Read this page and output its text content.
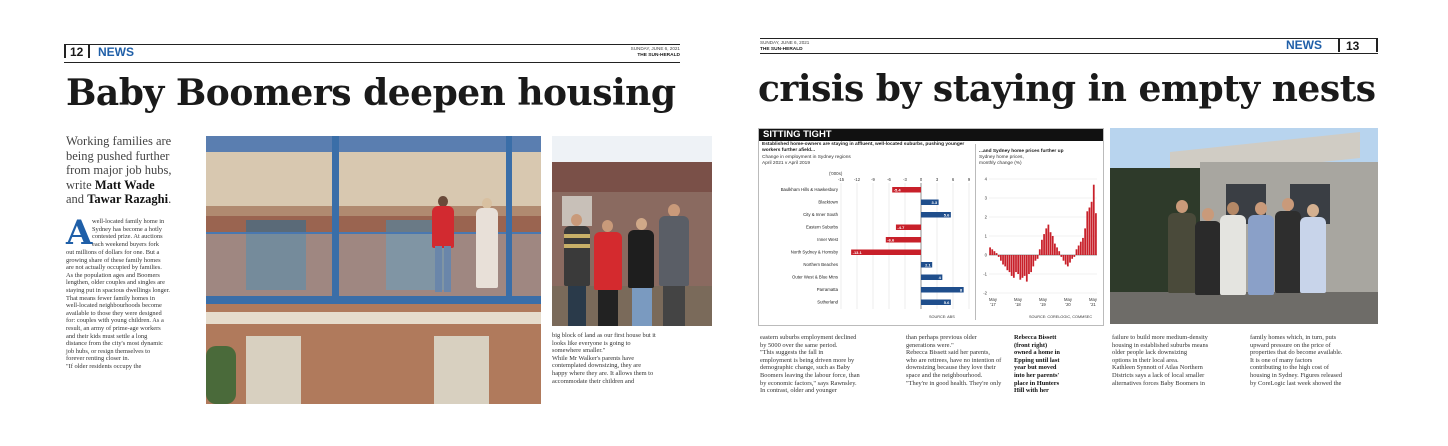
12 NEWS	SUNDAY, JUNE 6, 2021
THE SUN-HERALD
Baby Boomers deepen housing
Working families are
being pushed further
from major job hubs,
write Matt Wade
and Tawar Razaghi.
A well-located family home in
Sydney has become a hotly
contested prize. At auctions
each weekend buyers fork
out millions of dollars for one. But a
growing share of these family homes
are not actually occupied by families.
As the population ages and Boomers
lengthen, older couples and singles are
staying put in spacious dwellings longer.
That means fewer family homes in
well-located neighbourhoods become
available to those they were designed
for: couples with young children. As a
result, an army of prime-age workers
and their kids must settle a long
distance from the city's most dynamic
job hubs, or resign themselves to
forever renting closer in.
"If older residents occupy the
big block of land as our first house but it
looks like everyone is going to
somewhere smaller."
While Mr Walker's parents have
contemplated downsizing, they are
happy where they are. It allows them to
accommodate their children and
SUNDAY, JUNE 6, 2021
THE SUN-HERALD	NEWS 13
crisis by staying in empty nests
SITTING TIGHT
Established home-owners are staying in affluent, well-located suburbs, pushing younger workers further afield...
Change in employment in Sydney regions
April 2021 v April 2019
('000s)
-15 -12	-9	-6	-3	0	3	6	9
Baulkham Hills & Hawkesbury	-5.4
Blacktown	3.3
City & Inner South	5.6
Eastern Suburbs	-4.7
Inner West	-6.6
North Sydney & Hornsby	-13.1
Northern Beaches	2.1
Outer West & Blue Mtns	4
Parramatta	8
Sutherland	5.6
SOURCE: ABS
...and Sydney home prices further up
Sydney home prices,
monthly change (%)
-2
-1
0
1
2
3
4
May
'17
May
'18
May
'19
May
'20
May
'21
SOURCE: CORELOGIC, COMMSEC
eastern suburbs employment declined
by 5000 over the same period.
"This suggests the fall in
employment is being driven more by
demographic change, such as Baby
Boomers leaving the labour force, than
by economic factors," says Rawnsley.
In contrast, older and younger
than perhaps previous older
generations were."
Rebecca Bissett said her parents,
who are retirees, have no intention of
downsizing because they love their
space and the neighbourhood.
"They're in good health. They're only
Rebecca Bissett
(front right)
owned a home in
Epping until last
year but moved
into her parents'
place in Hunters
Hill with her
failure to build more medium-density
housing in established suburbs means
older people lack downsizing
options in their local area.
Kathleen Synnott of Atlas Northern
Districts says a lack of local smaller
alternatives forces Baby Boomers in
family homes which, in turn, puts
upward pressure on the price of
properties that do become available.
It is one of many factors
contributing to the high cost of
housing in Sydney. Figures released
by CoreLogic last week showed the
